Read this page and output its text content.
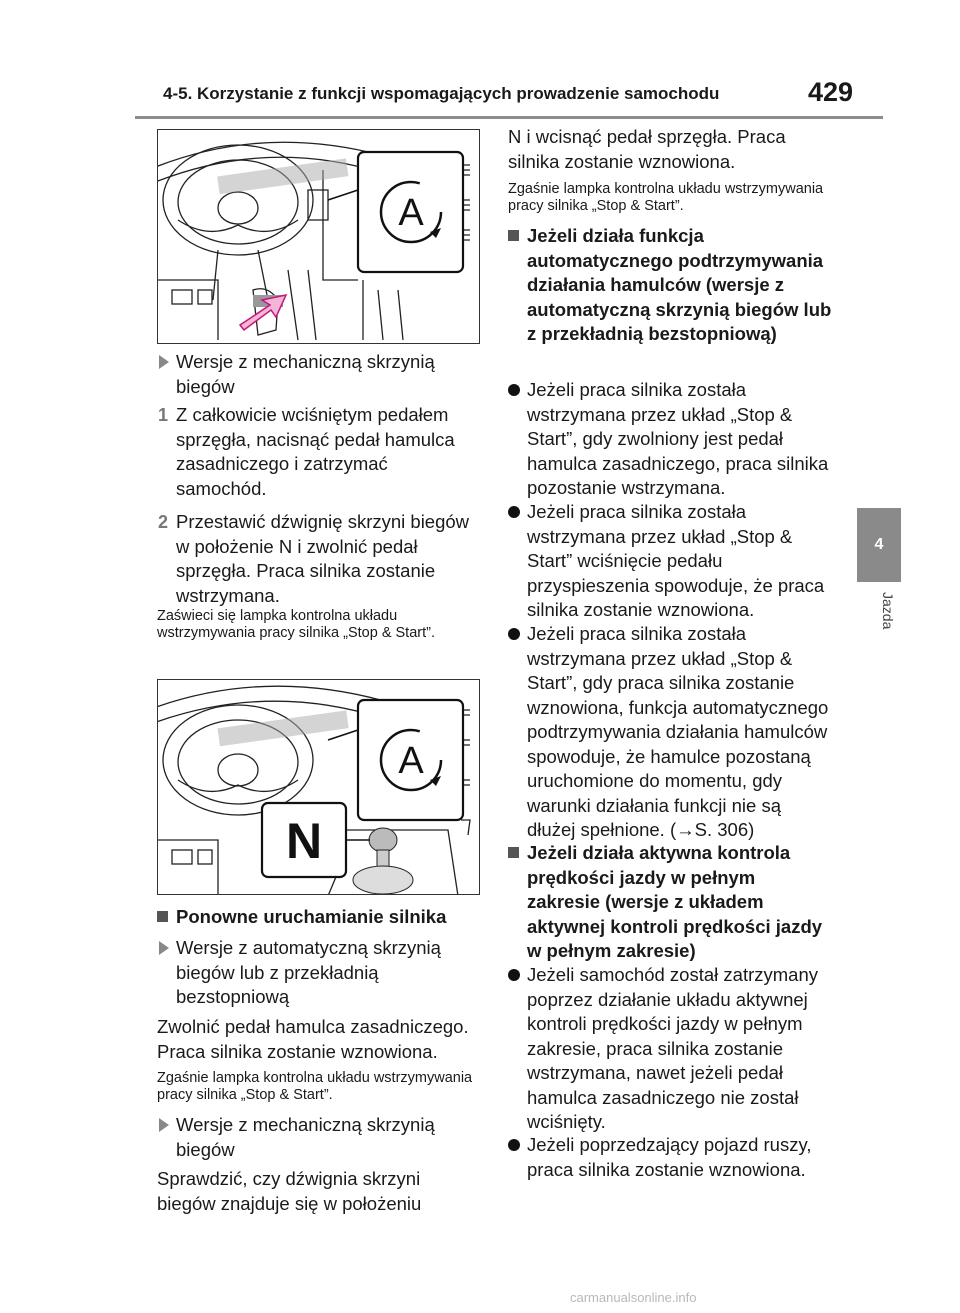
4-5. Korzystanie z funkcji wspomagających prowadzenie samochodu	429
4
Jazda
A
Wersje z mechaniczną skrzynią biegów
1 Z całkowicie wciśniętym pedałem sprzęgła, nacisnąć pedał hamulca zasadniczego i zatrzymać samochód.
2 Przestawić dźwignię skrzyni biegów w położenie N i zwolnić pedał sprzęgła. Praca silnika zostanie wstrzymana.
Zaświeci się lampka kontrolna układu wstrzymywania pracy silnika „Stop & Start”.
A
N
Ponowne uruchamianie silnika
Wersje z automatyczną skrzynią biegów lub z przekładnią bezstopniową
Zwolnić pedał hamulca zasadniczego. Praca silnika zostanie wznowiona.
Zgaśnie lampka kontrolna układu wstrzymywania pracy silnika „Stop & Start”.
Wersje z mechaniczną skrzynią biegów
Sprawdzić, czy dźwignia skrzyni biegów znajduje się w położeniu
N i wcisnąć pedał sprzęgła. Praca silnika zostanie wznowiona.
Zgaśnie lampka kontrolna układu wstrzymywania pracy silnika „Stop & Start”.
Jeżeli działa funkcja automatycznego podtrzymywania działania hamulców (wersje z automatyczną skrzynią biegów lub z przekładnią bezstopniową)
Jeżeli praca silnika została wstrzymana przez układ „Stop & Start”, gdy zwolniony jest pedał hamulca zasadniczego, praca silnika pozostanie wstrzymana.
Jeżeli praca silnika została wstrzymana przez układ „Stop & Start” wciśnięcie pedału przyspieszenia spowoduje, że praca silnika zostanie wznowiona.
Jeżeli praca silnika została wstrzymana przez układ „Stop & Start”, gdy praca silnika zostanie wznowiona, funkcja automatycznego podtrzymywania działania hamulców spowoduje, że hamulce pozostaną uruchomione do momentu, gdy warunki działania funkcji nie są dłużej spełnione. (→S. 306)
Jeżeli działa aktywna kontrola prędkości jazdy w pełnym zakresie (wersje z układem aktywnej kontroli prędkości jazdy w pełnym zakresie)
Jeżeli samochód został zatrzymany poprzez działanie układu aktywnej kontroli prędkości jazdy w pełnym zakresie, praca silnika zostanie wstrzymana, nawet jeżeli pedał hamulca zasadniczego nie został wciśnięty.
Jeżeli poprzedzający pojazd ruszy, praca silnika zostanie wznowiona.
carmanualsonline.info
